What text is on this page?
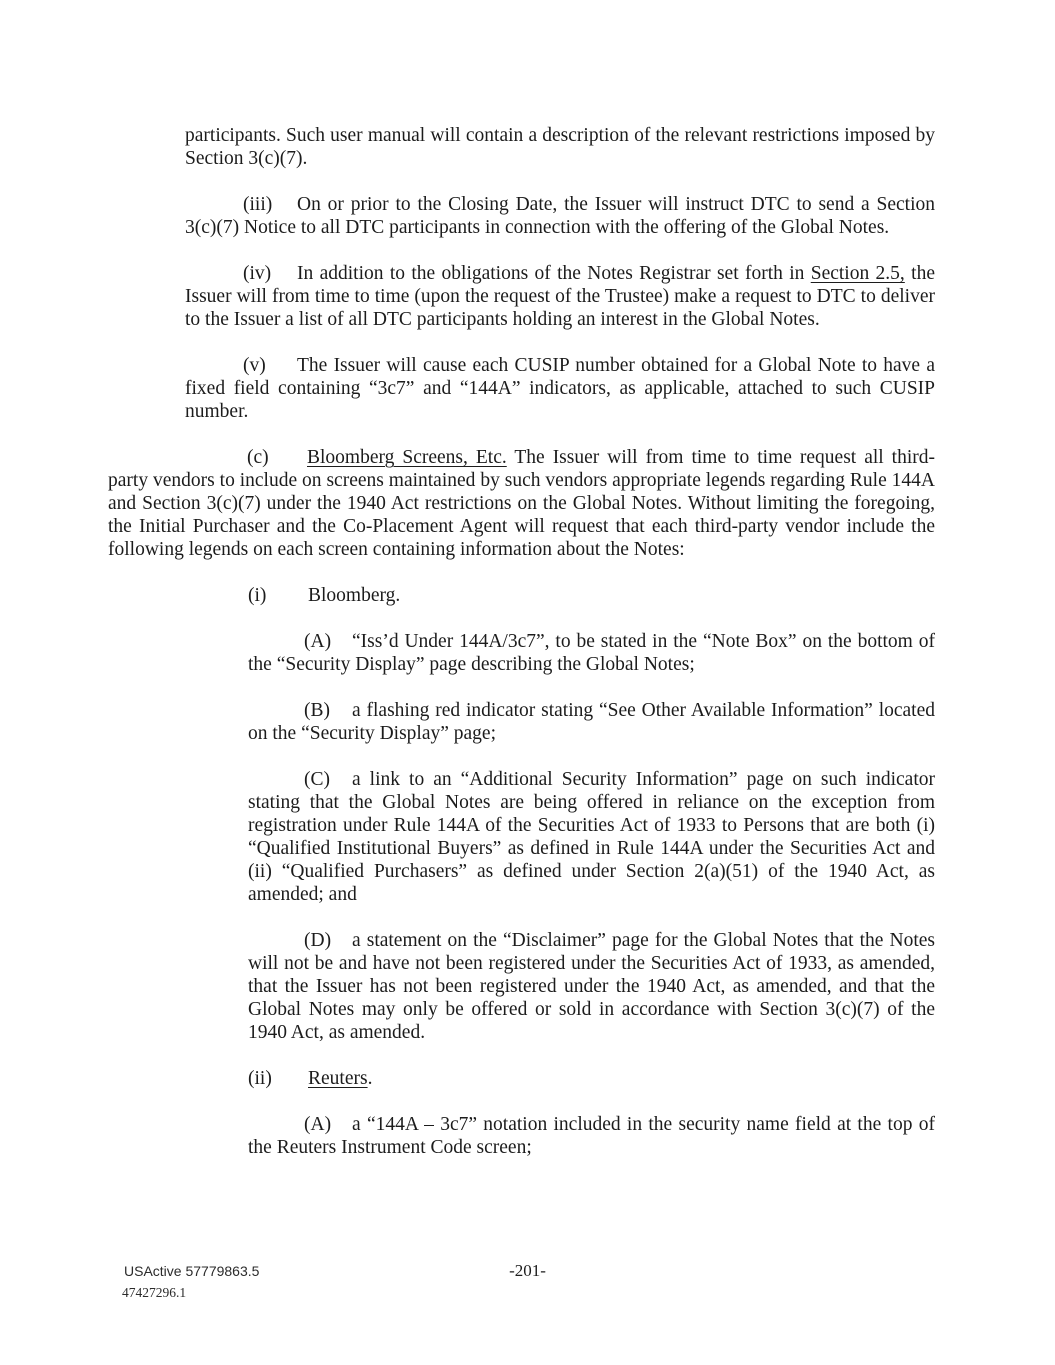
participants. Such user manual will contain a description of the relevant restrictions imposed by Section 3(c)(7).

(iii) On or prior to the Closing Date, the Issuer will instruct DTC to send a Section 3(c)(7) Notice to all DTC participants in connection with the offering of the Global Notes.

(iv) In addition to the obligations of the Notes Registrar set forth in Section 2.5, the Issuer will from time to time (upon the request of the Trustee) make a request to DTC to deliver to the Issuer a list of all DTC participants holding an interest in the Global Notes.

(v) The Issuer will cause each CUSIP number obtained for a Global Note to have a fixed field containing “3c7” and “144A” indicators, as applicable, attached to such CUSIP number.

(c) Bloomberg Screens, Etc. The Issuer will from time to time request all third-party vendors to include on screens maintained by such vendors appropriate legends regarding Rule 144A and Section 3(c)(7) under the 1940 Act restrictions on the Global Notes. Without limiting the foregoing, the Initial Purchaser and the Co-Placement Agent will request that each third-party vendor include the following legends on each screen containing information about the Notes:

(i) Bloomberg.

(A) “Iss’d Under 144A/3c7”, to be stated in the “Note Box” on the bottom of the “Security Display” page describing the Global Notes;

(B) a flashing red indicator stating “See Other Available Information” located on the “Security Display” page;

(C) a link to an “Additional Security Information” page on such indicator stating that the Global Notes are being offered in reliance on the exception from registration under Rule 144A of the Securities Act of 1933 to Persons that are both (i) “Qualified Institutional Buyers” as defined in Rule 144A under the Securities Act and (ii) “Qualified Purchasers” as defined under Section 2(a)(51) of the 1940 Act, as amended; and

(D) a statement on the “Disclaimer” page for the Global Notes that the Notes will not be and have not been registered under the Securities Act of 1933, as amended, that the Issuer has not been registered under the 1940 Act, as amended, and that the Global Notes may only be offered or sold in accordance with Section 3(c)(7) of the 1940 Act, as amended.

(ii) Reuters.

(A) a “144A – 3c7” notation included in the security name field at the top of the Reuters Instrument Code screen;

USActive 57779863.5
47427296.1
-201-
